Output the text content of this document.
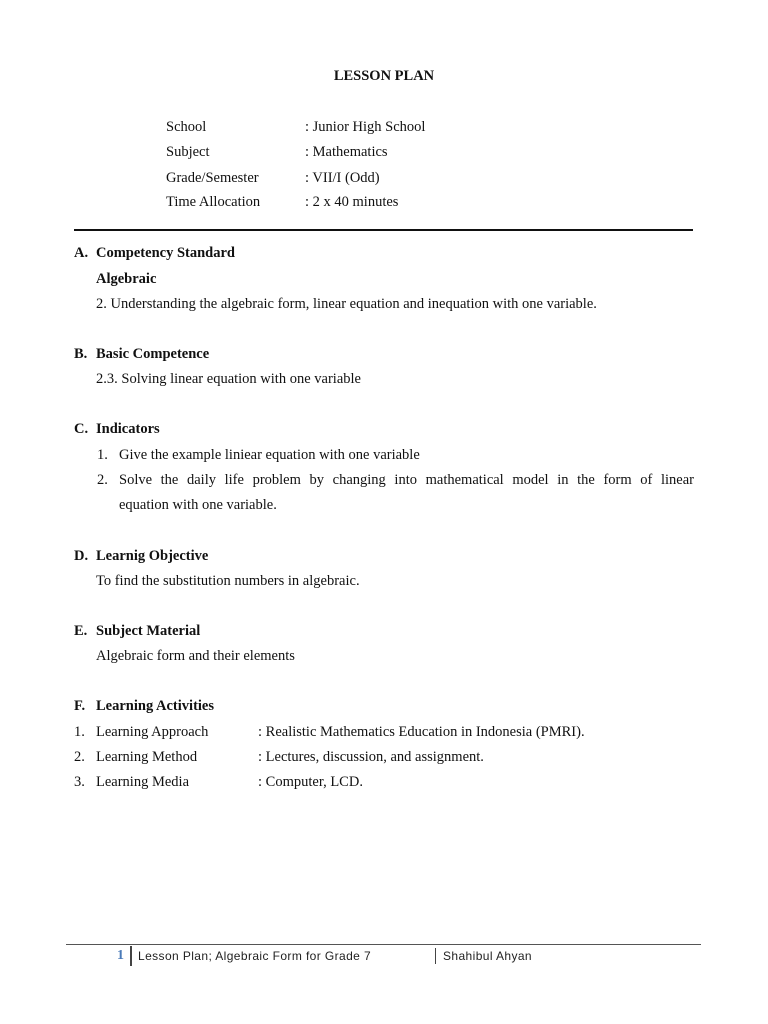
LESSON PLAN
School	: Junior High School
Subject	: Mathematics
Grade/Semester	: VII/I (Odd)
Time Allocation	: 2 x 40 minutes
A. Competency Standard
Algebraic
2. Understanding the algebraic form, linear equation and inequation with one variable.
B. Basic Competence
2.3. Solving linear equation with one variable
C. Indicators
1. Give the example liniear equation with one variable
2. Solve the daily life problem by changing into mathematical model in the form of linear
equation with one variable.
D. Learnig Objective
To find the substitution numbers in algebraic.
E. Subject Material
Algebraic form and their elements
F. Learning Activities
1. Learning Approach	: Realistic Mathematics Education in Indonesia (PMRI).
2. Learning Method	: Lectures, discussion, and assignment.
3. Learning Media	: Computer, LCD.
1 Lesson Plan; Algebraic Form for Grade 7	Shahibul Ahyan
